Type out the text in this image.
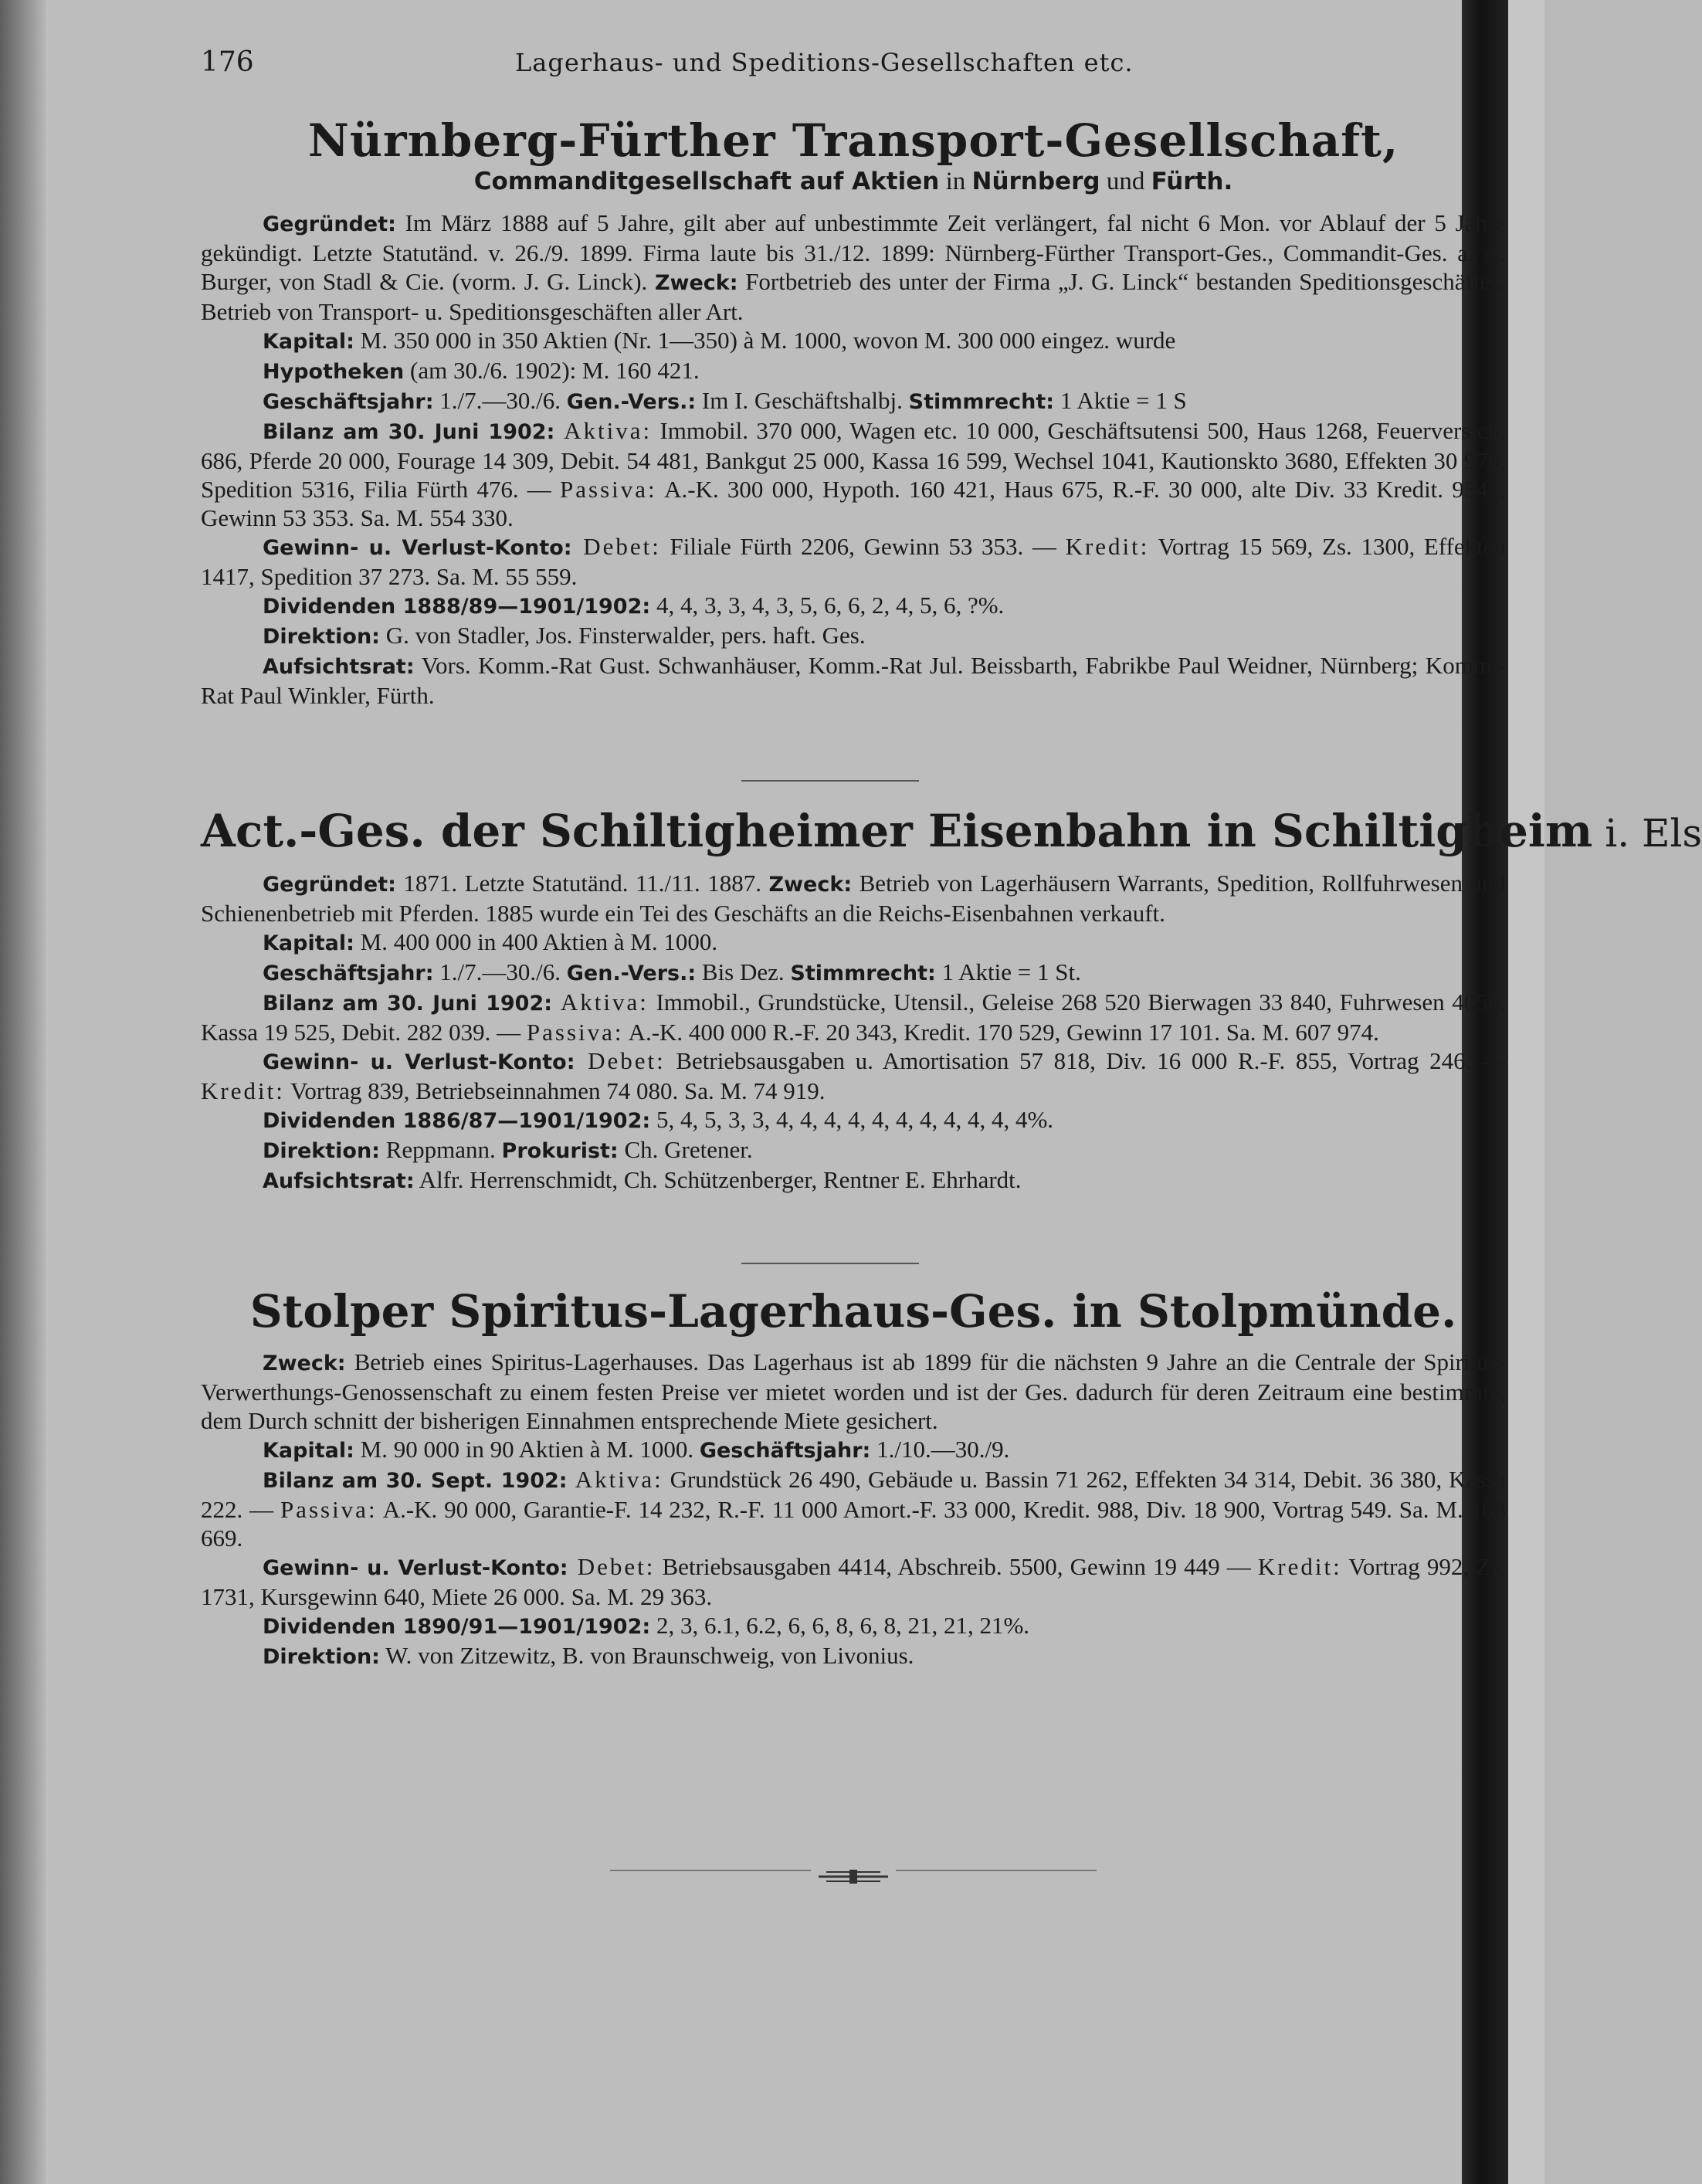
176	Lagerhaus- und Speditions-Gesellschaften etc.
Nürnberg-Fürther Transport-Gesellschaft,
Commanditgesellschaft auf Aktien in Nürnberg und Fürth.

Gegründet: Im März 1888 auf 5 Jahre, gilt aber auf unbestimmte Zeit verlängert, fal nicht 6 Mon. vor Ablauf der 5 Jahre gekündigt. Letzte Statutänd. v. 26./9. 1899. Firma laute bis 31./12. 1899: Nürnberg-Fürther Transport-Ges., Commandit-Ges. a. A. Burger, von Stadl & Cie. (vorm. J. G. Linck). Zweck: Fortbetrieb des unter der Firma „J. G. Linck“ bestanden Speditionsgeschäftes. Betrieb von Transport- u. Speditionsgeschäften aller Art.

Kapital: M. 350 000 in 350 Aktien (Nr. 1—350) à M. 1000, wovon M. 300 000 eingez. wurde

Hypotheken (am 30./6. 1902): M. 160 421.

Geschäftsjahr: 1./7.—30./6. Gen.-Vers.: Im I. Geschäftshalbj. Stimmrecht: 1 Aktie = 1 S

Bilanz am 30. Juni 1902: Aktiva: Immobil. 370 000, Wagen etc. 10 000, Geschäftsutensi 500, Haus 1268, Feuerversich. 686, Pferde 20 000, Fourage 14 309, Debit. 54 481, Bankgut 25 000, Kassa 16 599, Wechsel 1041, Kautionskto 3680, Effekten 30 970, Spedition 5316, Filia Fürth 476. — Passiva: A.-K. 300 000, Hypoth. 160 421, Haus 675, R.-F. 30 000, alte Div. 33 Kredit. 9544, Gewinn 53 353. Sa. M. 554 330.

Gewinn- u. Verlust-Konto: Debet: Filiale Fürth 2206, Gewinn 53 353. — Kredit: Vortrag 15 569, Zs. 1300, Effekten 1417, Spedition 37 273. Sa. M. 55 559.

Dividenden 1888/89—1901/1902: 4, 4, 3, 3, 4, 3, 5, 6, 6, 2, 4, 5, 6, ?%.

Direktion: G. von Stadler, Jos. Finsterwalder, pers. haft. Ges.

Aufsichtsrat: Vors. Komm.-Rat Gust. Schwanhäuser, Komm.-Rat Jul. Beissbarth, Fabrikbe Paul Weidner, Nürnberg; Komm.-Rat Paul Winkler, Fürth.

Act.-Ges. der Schiltigheimer Eisenbahn in Schiltigheim i. Els

Gegründet: 1871. Letzte Statutänd. 11./11. 1887. Zweck: Betrieb von Lagerhäusern Warrants, Spedition, Rollfuhrwesen und Schienenbetrieb mit Pferden. 1885 wurde ein Tei des Geschäfts an die Reichs-Eisenbahnen verkauft.

Kapital: M. 400 000 in 400 Aktien à M. 1000.

Geschäftsjahr: 1./7.—30./6. Gen.-Vers.: Bis Dez. Stimmrecht: 1 Aktie = 1 St.

Bilanz am 30. Juni 1902: Aktiva: Immobil., Grundstücke, Utensil., Geleise 268 520 Bierwagen 33 840, Fuhrwesen 4050, Kassa 19 525, Debit. 282 039. — Passiva: A.-K. 400 000 R.-F. 20 343, Kredit. 170 529, Gewinn 17 101. Sa. M. 607 974.

Gewinn- u. Verlust-Konto: Debet: Betriebsausgaben u. Amortisation 57 818, Div. 16 000 R.-F. 855, Vortrag 246. — Kredit: Vortrag 839, Betriebseinnahmen 74 080. Sa. M. 74 919.

Dividenden 1886/87—1901/1902: 5, 4, 5, 3, 3, 4, 4, 4, 4, 4, 4, 4, 4, 4, 4, 4%.

Direktion: Reppmann. Prokurist: Ch. Gretener.

Aufsichtsrat: Alfr. Herrenschmidt, Ch. Schützenberger, Rentner E. Ehrhardt.

Stolper Spiritus-Lagerhaus-Ges. in Stolpmünde.

Zweck: Betrieb eines Spiritus-Lagerhauses. Das Lagerhaus ist ab 1899 für die nächsten 9 Jahre an die Centrale der Spiritus-Verwerthungs-Genossenschaft zu einem festen Preise ver mietet worden und ist der Ges. dadurch für deren Zeitraum eine bestimmte, dem Durch schnitt der bisherigen Einnahmen entsprechende Miete gesichert.

Kapital: M. 90 000 in 90 Aktien à M. 1000. Geschäftsjahr: 1./10.—30./9.

Bilanz am 30. Sept. 1902: Aktiva: Grundstück 26 490, Gebäude u. Bassin 71 262, Effekten 34 314, Debit. 36 380, Kassa 222. — Passiva: A.-K. 90 000, Garantie-F. 14 232, R.-F. 11 000 Amort.-F. 33 000, Kredit. 988, Div. 18 900, Vortrag 549. Sa. M. 168 669.

Gewinn- u. Verlust-Konto: Debet: Betriebsausgaben 4414, Abschreib. 5500, Gewinn 19 449 — Kredit: Vortrag 992, Zs. 1731, Kursgewinn 640, Miete 26 000. Sa. M. 29 363.

Dividenden 1890/91—1901/1902: 2, 3, 6.1, 6.2, 6, 6, 8, 6, 8, 21, 21, 21%.

Direktion: W. von Zitzewitz, B. von Braunschweig, von Livonius.
